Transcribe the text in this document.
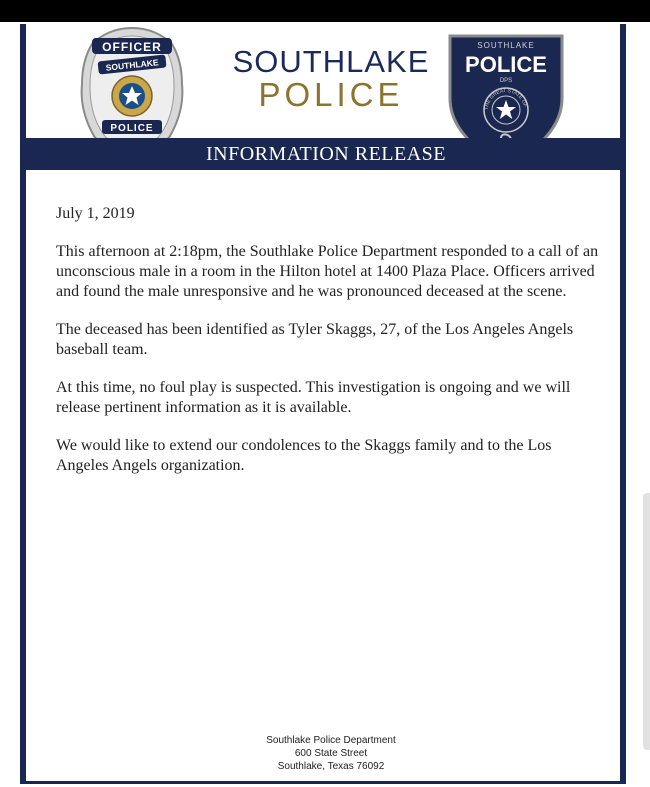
OFFICER
SOUTHLAKE
POLICE
SOUTHLAKE
POLICE
SOUTHLAKE
POLICE
DPS
THE GREAT STATE OF
INFORMATION RELEASE

July 1, 2019

This afternoon at 2:18pm, the Southlake Police Department responded to a call of an unconscious male in a room in the Hilton hotel at 1400 Plaza Place. Officers arrived and found the male unresponsive and he was pronounced deceased at the scene.

The deceased has been identified as Tyler Skaggs, 27, of the Los Angeles Angels baseball team.

At this time, no foul play is suspected. This investigation is ongoing and we will release pertinent information as it is available.

We would like to extend our condolences to the Skaggs family and to the Los Angeles Angels organization.

Southlake Police Department
600 State Street
Southlake, Texas 76092
